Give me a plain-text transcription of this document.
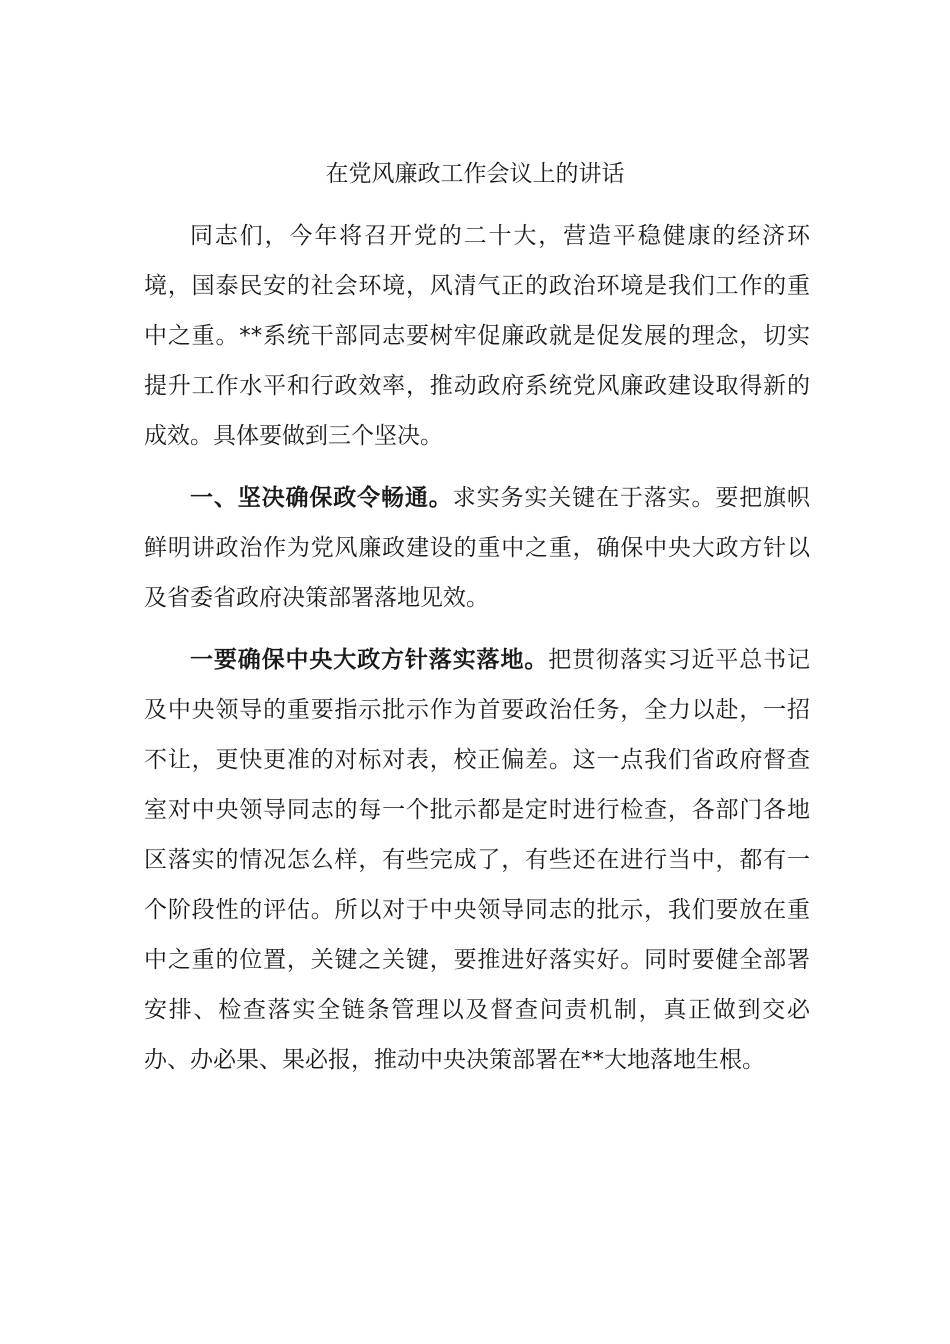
在党风廉政工作会议上的讲话

同志们，今年将召开党的二十大，营造平稳健康的经济环境，国泰民安的社会环境，风清气正的政治环境是我们工作的重中之重。**系统干部同志要树牢促廉政就是促发展的理念，切实提升工作水平和行政效率，推动政府系统党风廉政建设取得新的成效。具体要做到三个坚决。

一、坚决确保政令畅通。求实务实关键在于落实。要把旗帜鲜明讲政治作为党风廉政建设的重中之重，确保中央大政方针以及省委省政府决策部署落地见效。

一要确保中央大政方针落实落地。把贯彻落实习近平总书记及中央领导的重要指示批示作为首要政治任务，全力以赴，一招不让，更快更准的对标对表，校正偏差。这一点我们省政府督查室对中央领导同志的每一个批示都是定时进行检查，各部门各地区落实的情况怎么样，有些完成了，有些还在进行当中，都有一个阶段性的评估。所以对于中央领导同志的批示，我们要放在重中之重的位置，关键之关键，要推进好落实好。同时要健全部署安排、检查落实全链条管理以及督查问责机制，真正做到交必办、办必果、果必报，推动中央决策部署在**大地落地生根。
